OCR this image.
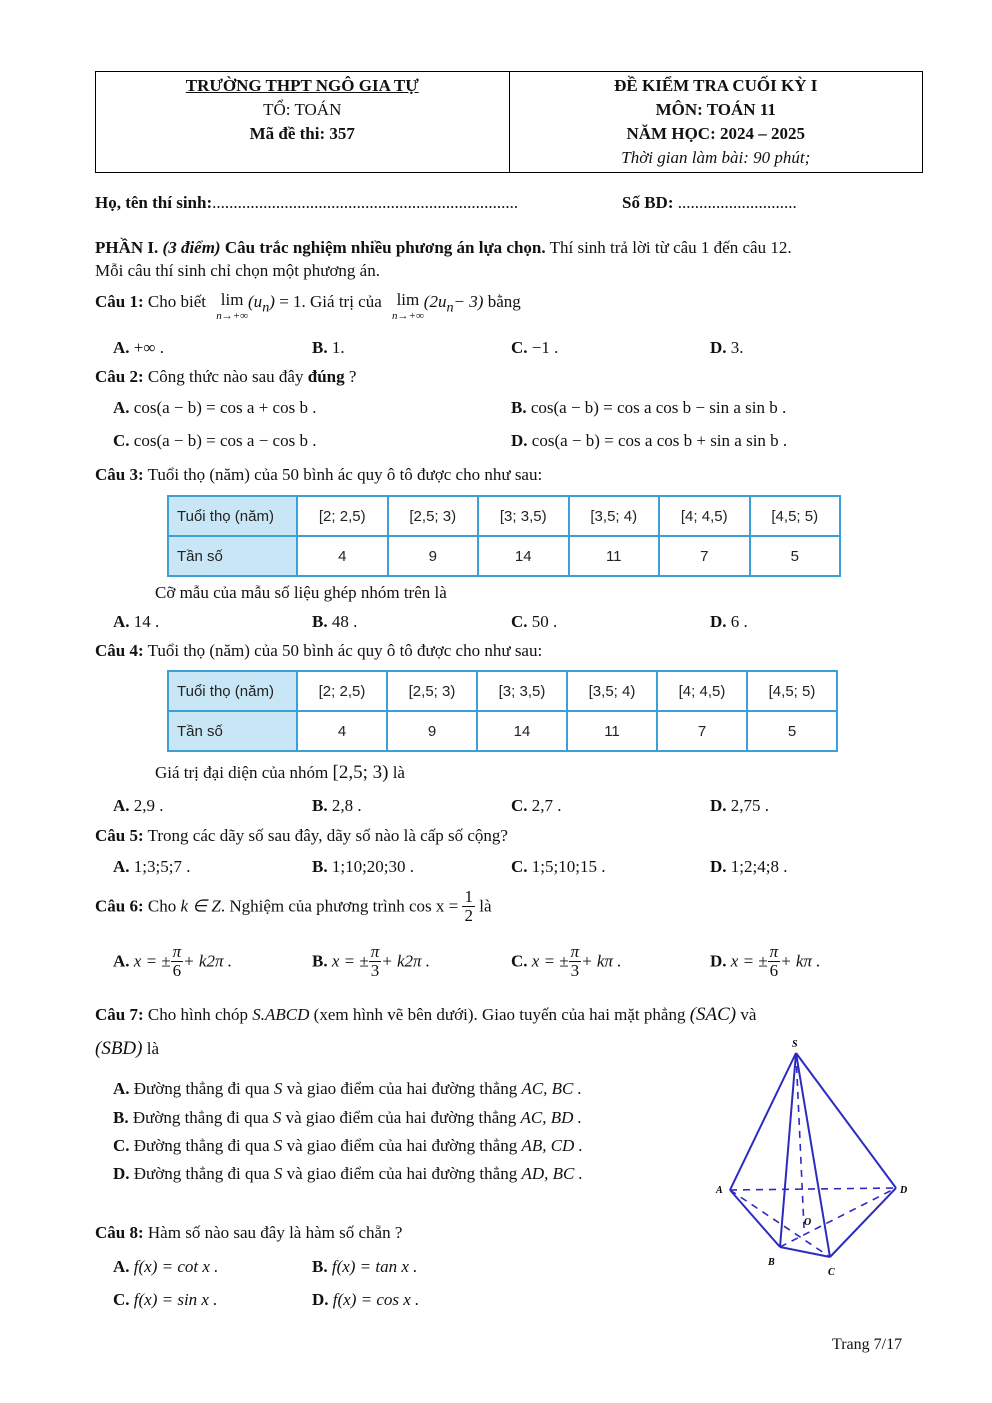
TRƯỜNG THPT NGÔ GIA TỰ
TỔ: TOÁN
Mã đề thi: 357
ĐỀ KIỂM TRA CUỐI KỲ I
MÔN: TOÁN 11
NĂM HỌC: 2024 – 2025
Thời gian làm bài: 90 phút;
Họ, tên thí sinh:........................................................................	Số BD: ............................
PHẦN I. (3 điểm) Câu trắc nghiệm nhiều phương án lựa chọn. Thí sinh trả lời từ câu 1 đến câu 12.
Mỗi câu thí sinh chỉ chọn một phương án.
Câu 1: Cho biết lim
n→+∞
$(u_n) = 1$. Giá trị của lim
n→+∞
$(2u_n- 3)$ bằng
A. +∞ .	B. 1.	C. −1 .	D. 3.
Câu 2: Công thức nào sau đây đúng ?
A. cos(a − b) = cos a + cos b .	B. cos(a − b) = cos a cos b − sin a sin b .
C. cos(a − b) = cos a − cos b .	D. cos(a − b) = cos a cos b + sin a sin b .
Câu 3: Tuổi thọ (năm) của 50 bình ác quy ô tô được cho như sau:
Tuổi thọ (năm)	[2; 2,5)	[2,5; 3)	[3; 3,5)	[3,5; 4)	[4; 4,5)	[4,5; 5)
Tần số	4	9	14	11	7	5
Cỡ mẫu của mẫu số liệu ghép nhóm trên là
A. 14 .	B. 48 .	C. 50 .	D. 6 .
Câu 4: Tuổi thọ (năm) của 50 bình ác quy ô tô được cho như sau:
Tuổi thọ (năm)	[2; 2,5)	[2,5; 3)	[3; 3,5)	[3,5; 4)	[4; 4,5)	[4,5; 5)
Tần số	4	9	14	11	7	5
Giá trị đại diện của nhóm [2,5; 3) là
A. 2,9 .	B. 2,8 .	C. 2,7 .	D. 2,75 .
Câu 5: Trong các dãy số sau đây, dãy số nào là cấp số cộng?
A. 1;3;5;7 .	B. 1;10;20;30 .	C. 1;5;10;15 .	D. 1;2;4;8 .
Câu 6: Cho k ∈ Z. Nghiệm của phương trình $\cos x = \frac{1}{2}$ là
A. x = ± $\frac{\pi}{6} + k2\pi$ .	B. x = ± $\frac{\pi}{3} + k2\pi$ .	C. x = ± $\frac{\pi}{3} + k\pi$ .	D. x = ± $\frac{\pi}{6} + k\pi$ .
Câu 7: Cho hình chóp S.ABCD (xem hình vẽ bên dưới). Giao tuyến của hai mặt phẳng (SAC) và
(SBD) là
A. Đường thẳng đi qua S và giao điểm của hai đường thẳng AC, BC .
B. Đường thẳng đi qua S và giao điểm của hai đường thẳng AC, BD .
C. Đường thẳng đi qua S và giao điểm của hai đường thẳng AB, CD .
D. Đường thẳng đi qua S và giao điểm của hai đường thẳng AD, BC .
S
A
B
C
D
O
Câu 8: Hàm số nào sau đây là hàm số chẵn ?
A. f(x) = cot x .	B. f(x) = tan x .
C. f(x) = sin x .	D. f(x) = cos x .
Trang 7/17
